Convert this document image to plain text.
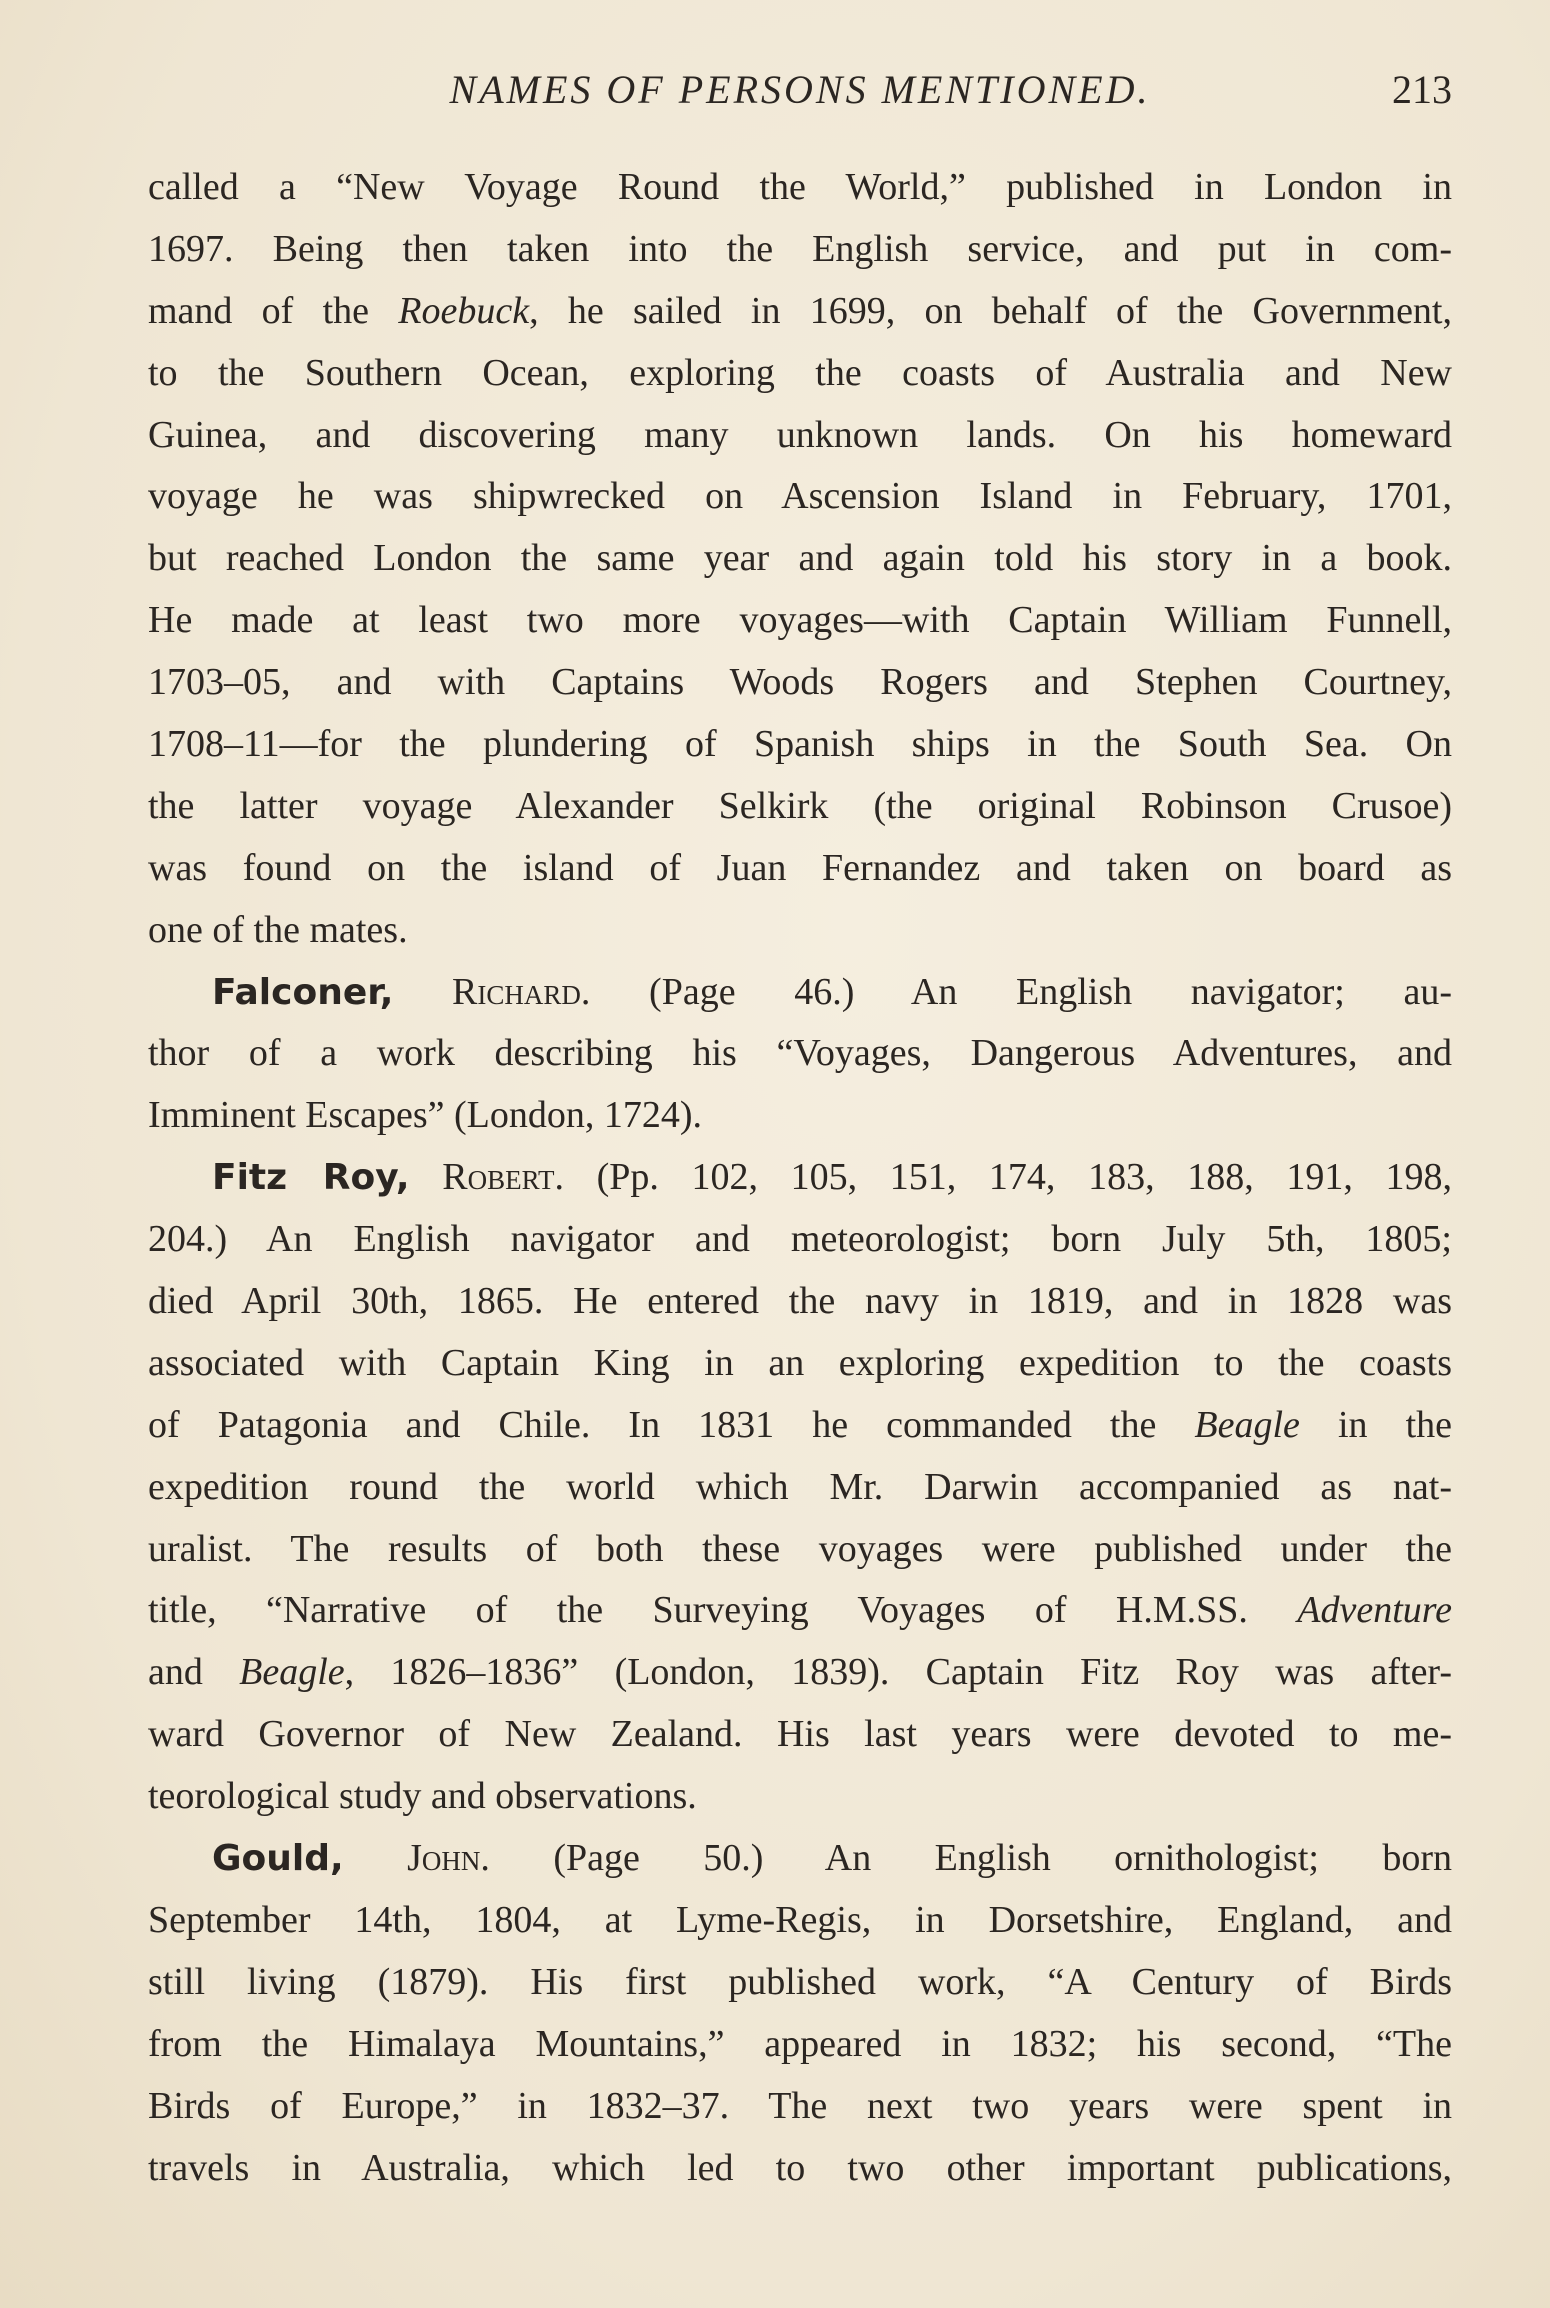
NAMES OF PERSONS MENTIONED.	213
called a “New Voyage Round the World,” published in London in
1697. Being then taken into the English service, and put in com-
mand of the Roebuck, he sailed in 1699, on behalf of the Government,
to the Southern Ocean, exploring the coasts of Australia and New
Guinea, and discovering many unknown lands. On his homeward
voyage he was shipwrecked on Ascension Island in February, 1701,
but reached London the same year and again told his story in a book.
He made at least two more voyages—with Captain William Funnell,
1703–05, and with Captains Woods Rogers and Stephen Courtney,
1708–11—for the plundering of Spanish ships in the South Sea. On
the latter voyage Alexander Selkirk (the original Robinson Crusoe)
was found on the island of Juan Fernandez and taken on board as
one of the mates.
Falconer, Richard. (Page 46.) An English navigator; au-
thor of a work describing his “Voyages, Dangerous Adventures, and
Imminent Escapes” (London, 1724).
Fitz Roy, Robert. (Pp. 102, 105, 151, 174, 183, 188, 191, 198,
204.) An English navigator and meteorologist; born July 5th, 1805;
died April 30th, 1865. He entered the navy in 1819, and in 1828 was
associated with Captain King in an exploring expedition to the coasts
of Patagonia and Chile. In 1831 he commanded the Beagle in the
expedition round the world which Mr. Darwin accompanied as nat-
uralist. The results of both these voyages were published under the
title, “Narrative of the Surveying Voyages of H.M.SS. Adventure
and Beagle, 1826–1836” (London, 1839). Captain Fitz Roy was after-
ward Governor of New Zealand. His last years were devoted to me-
teorological study and observations.
Gould, John. (Page 50.) An English ornithologist; born
September 14th, 1804, at Lyme-Regis, in Dorsetshire, England, and
still living (1879). His first published work, “A Century of Birds
from the Himalaya Mountains,” appeared in 1832; his second, “The
Birds of Europe,” in 1832–37. The next two years were spent in
travels in Australia, which led to two other important publications,
